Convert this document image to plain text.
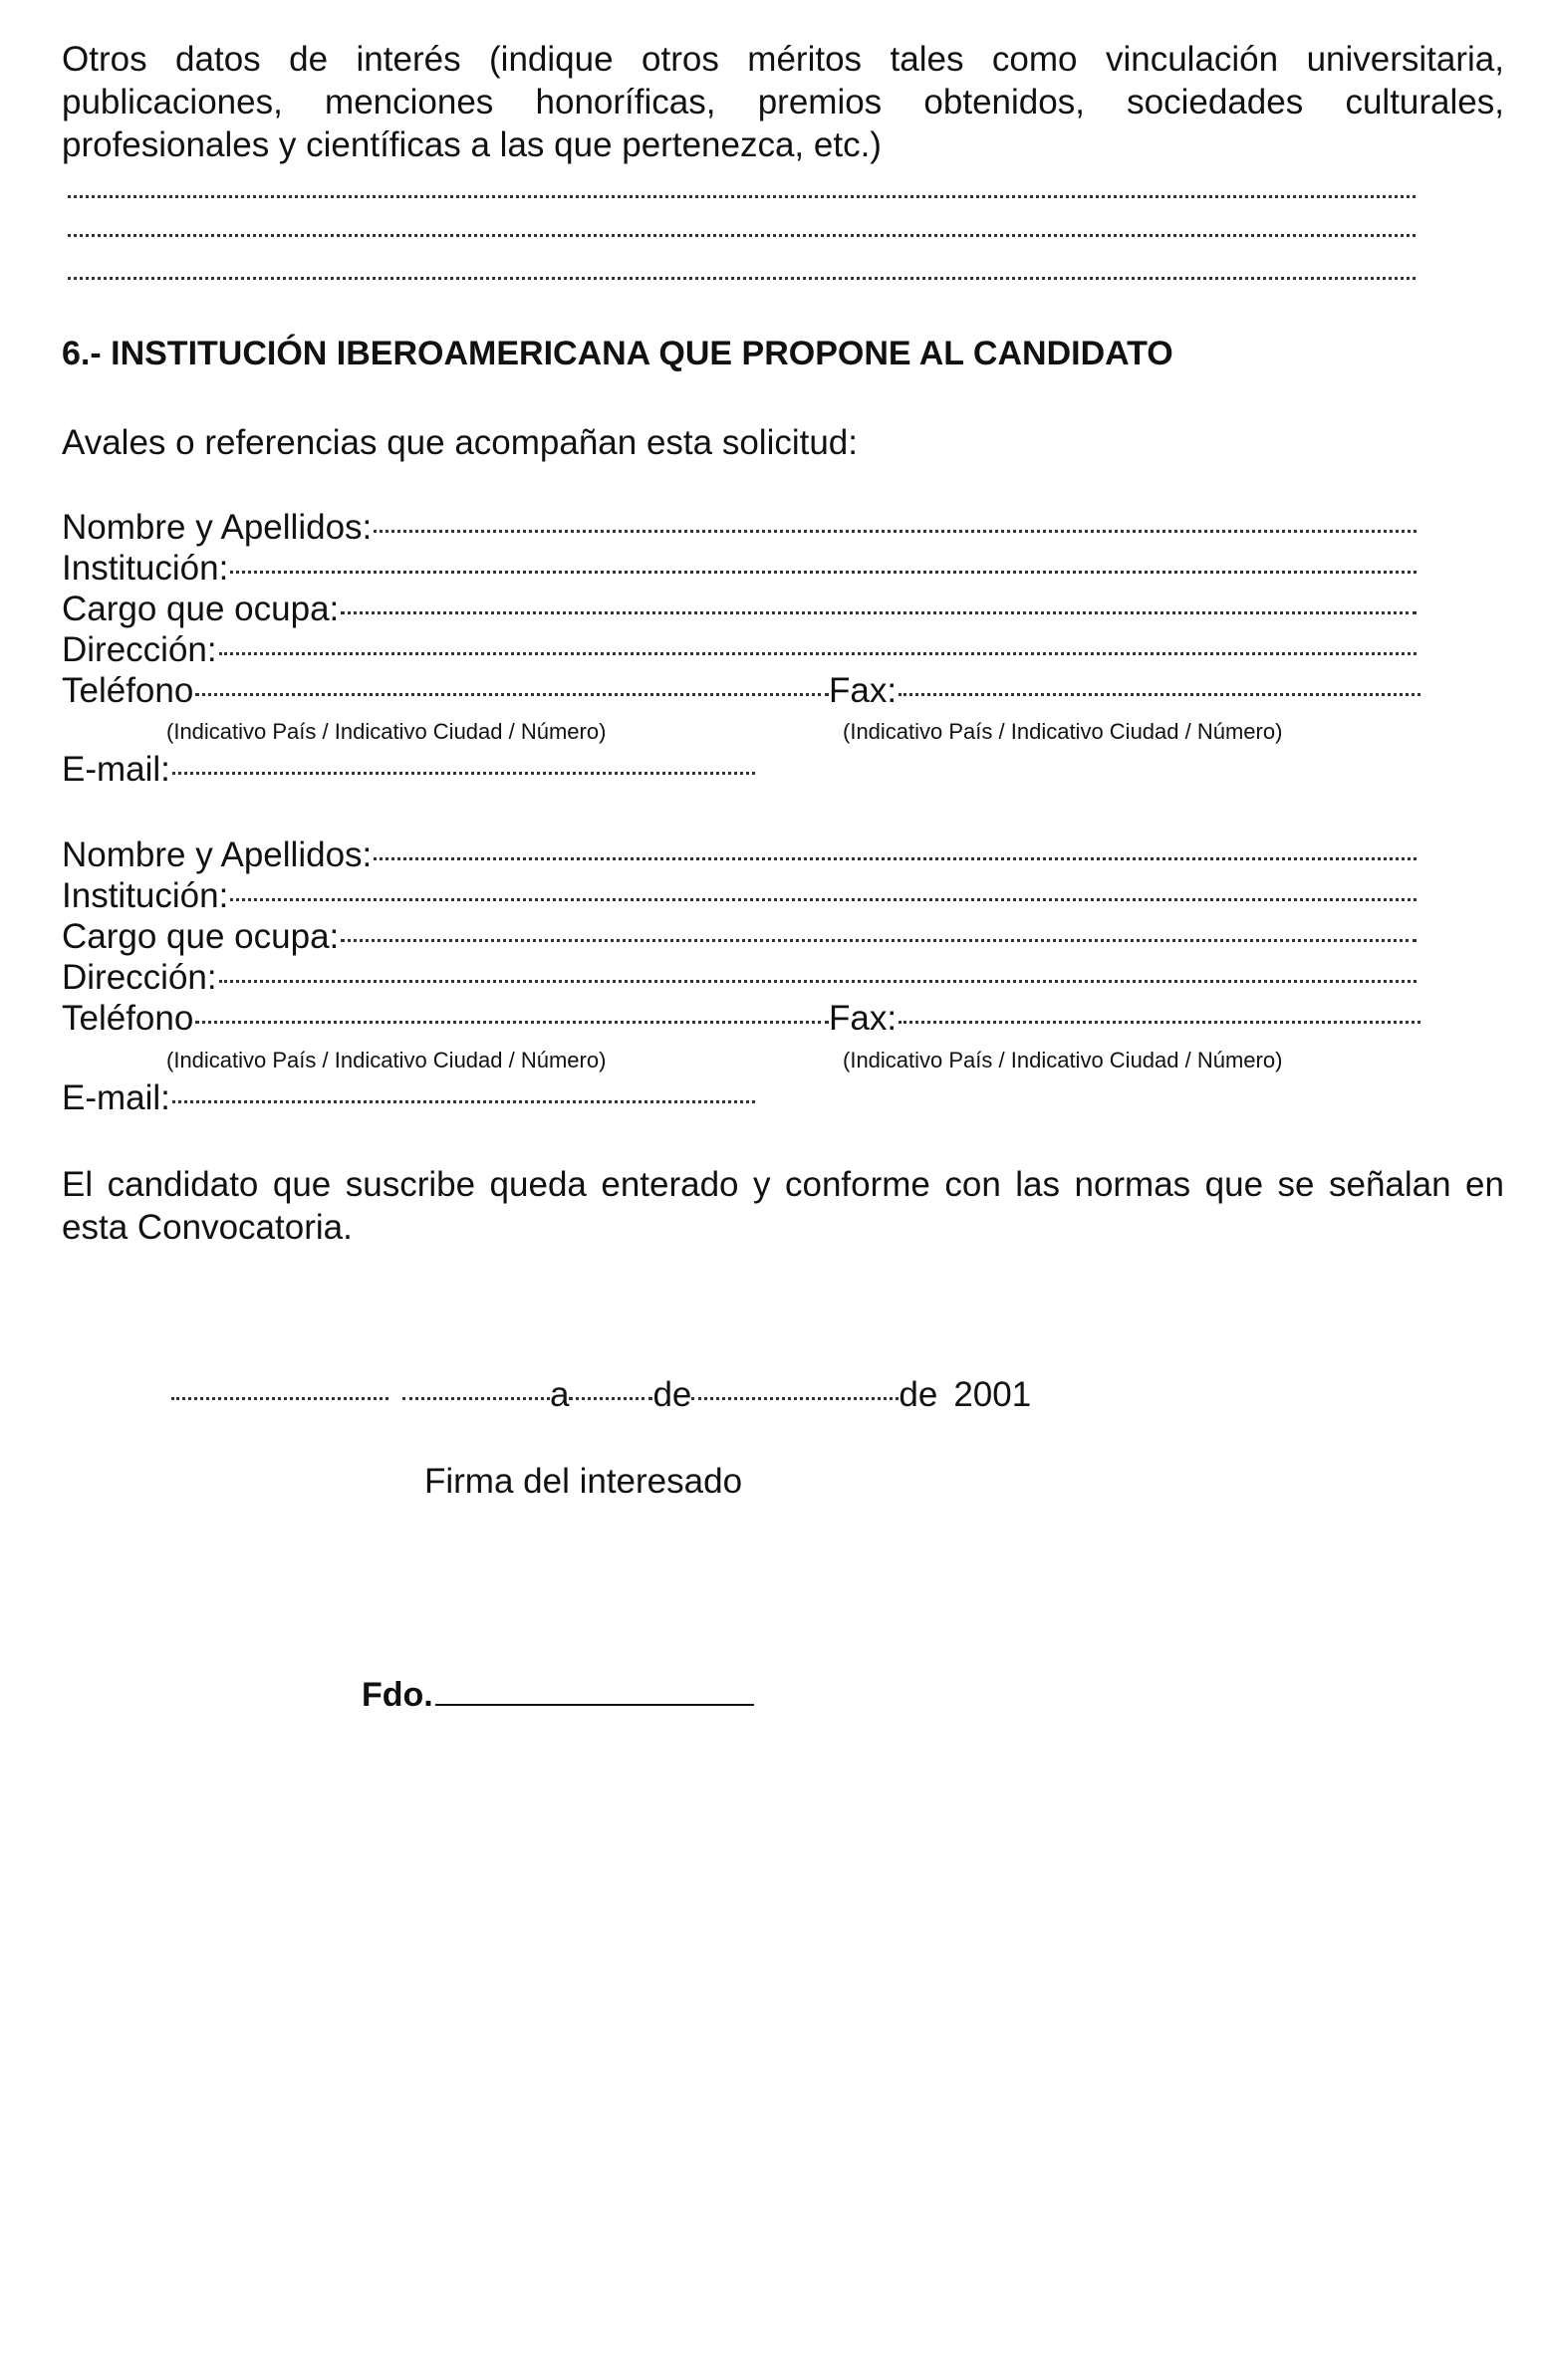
Otros datos de interés (indique otros méritos tales como vinculación universitaria, publicaciones, menciones honoríficas, premios obtenidos, sociedades culturales, profesionales y científicas a las que pertenezca, etc.)
6.- INSTITUCIÓN IBEROAMERICANA QUE PROPONE AL CANDIDATO
Avales o referencias que acompañan esta solicitud:
Nombre y Apellidos:
Institución:
Cargo que ocupa:
Dirección:
Teléfono	Fax:
(Indicativo País / Indicativo Ciudad / Número)	(Indicativo País / Indicativo Ciudad / Número)
E-mail:
Nombre y Apellidos:
Institución:
Cargo que ocupa:
Dirección:
Teléfono	Fax:
(Indicativo País / Indicativo Ciudad / Número)	(Indicativo País / Indicativo Ciudad / Número)
E-mail:
El candidato que suscribe queda enterado y conforme con las normas que se señalan en esta Convocatoria.
a de	de 2001
Firma del interesado
Fdo.
